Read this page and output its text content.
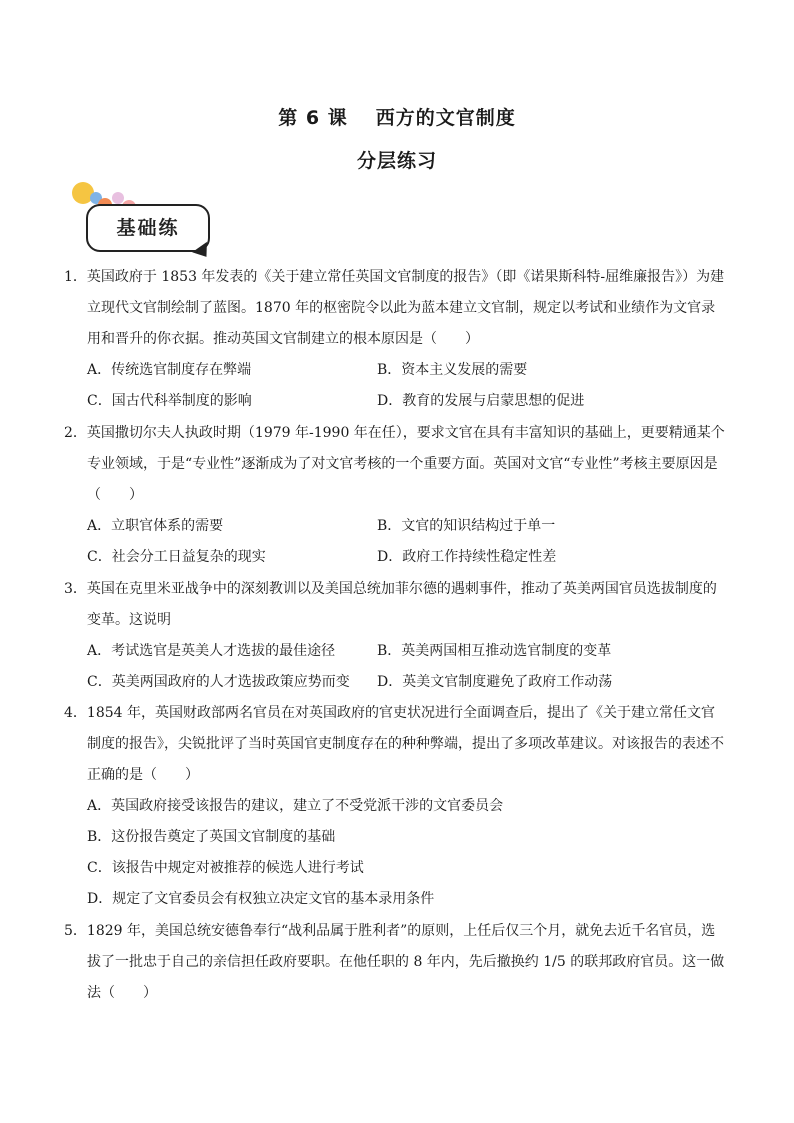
第 6 课 西方的文官制度
分层练习
基础练
1．英国政府于 1853 年发表的《关于建立常任英国文官制度的报告》（即《诺果斯科特-屈维廉报告》）为建立现代文官制绘制了蓝图。1870 年的枢密院令以此为蓝本建立文官制，规定以考试和业绩作为文官录用和晋升的你衣据。推动英国文官制建立的根本原因是（　　）
A．传统选官制度存在弊端	B．资本主义发展的需要
C．国古代科举制度的影响	D．教育的发展与启蒙思想的促进
2．英国撒切尔夫人执政时期（1979 年-1990 年在任），要求文官在具有丰富知识的基础上，更要精通某个专业领域，于是“专业性”逐渐成为了对文官考核的一个重要方面。英国对文官“专业性”考核主要原因是（　　）
A．立职官体系的需要	B．文官的知识结构过于单一
C．社会分工日益复杂的现实	D．政府工作持续性稳定性差
3．英国在克里米亚战争中的深刻教训以及美国总统加菲尔德的遇刺事件，推动了英美两国官员选拔制度的变革。这说明
A．考试选官是英美人才选拔的最佳途径	B．英美两国相互推动选官制度的变革
C．英美两国政府的人才选拔政策应势而变 D．英美文官制度避免了政府工作动荡
4．1854 年，英国财政部两名官员在对英国政府的官吏状况进行全面调查后，提出了《关于建立常任文官制度的报告》，尖锐批评了当时英国官吏制度存在的种种弊端，提出了多项改革建议。对该报告的表述不正确的是（　　）
A．英国政府接受该报告的建议，建立了不受党派干涉的文官委员会
B．这份报告奠定了英国文官制度的基础
C．该报告中规定对被推荐的候选人进行考试
D．规定了文官委员会有权独立决定文官的基本录用条件
5．1829 年，美国总统安德鲁奉行“战利品属于胜利者”的原则，上任后仅三个月，就免去近千名官员，选拔了一批忠于自己的亲信担任政府要职。在他任职的 8 年内，先后撤换约 1/5 的联邦政府官员。这一做法（　　）
